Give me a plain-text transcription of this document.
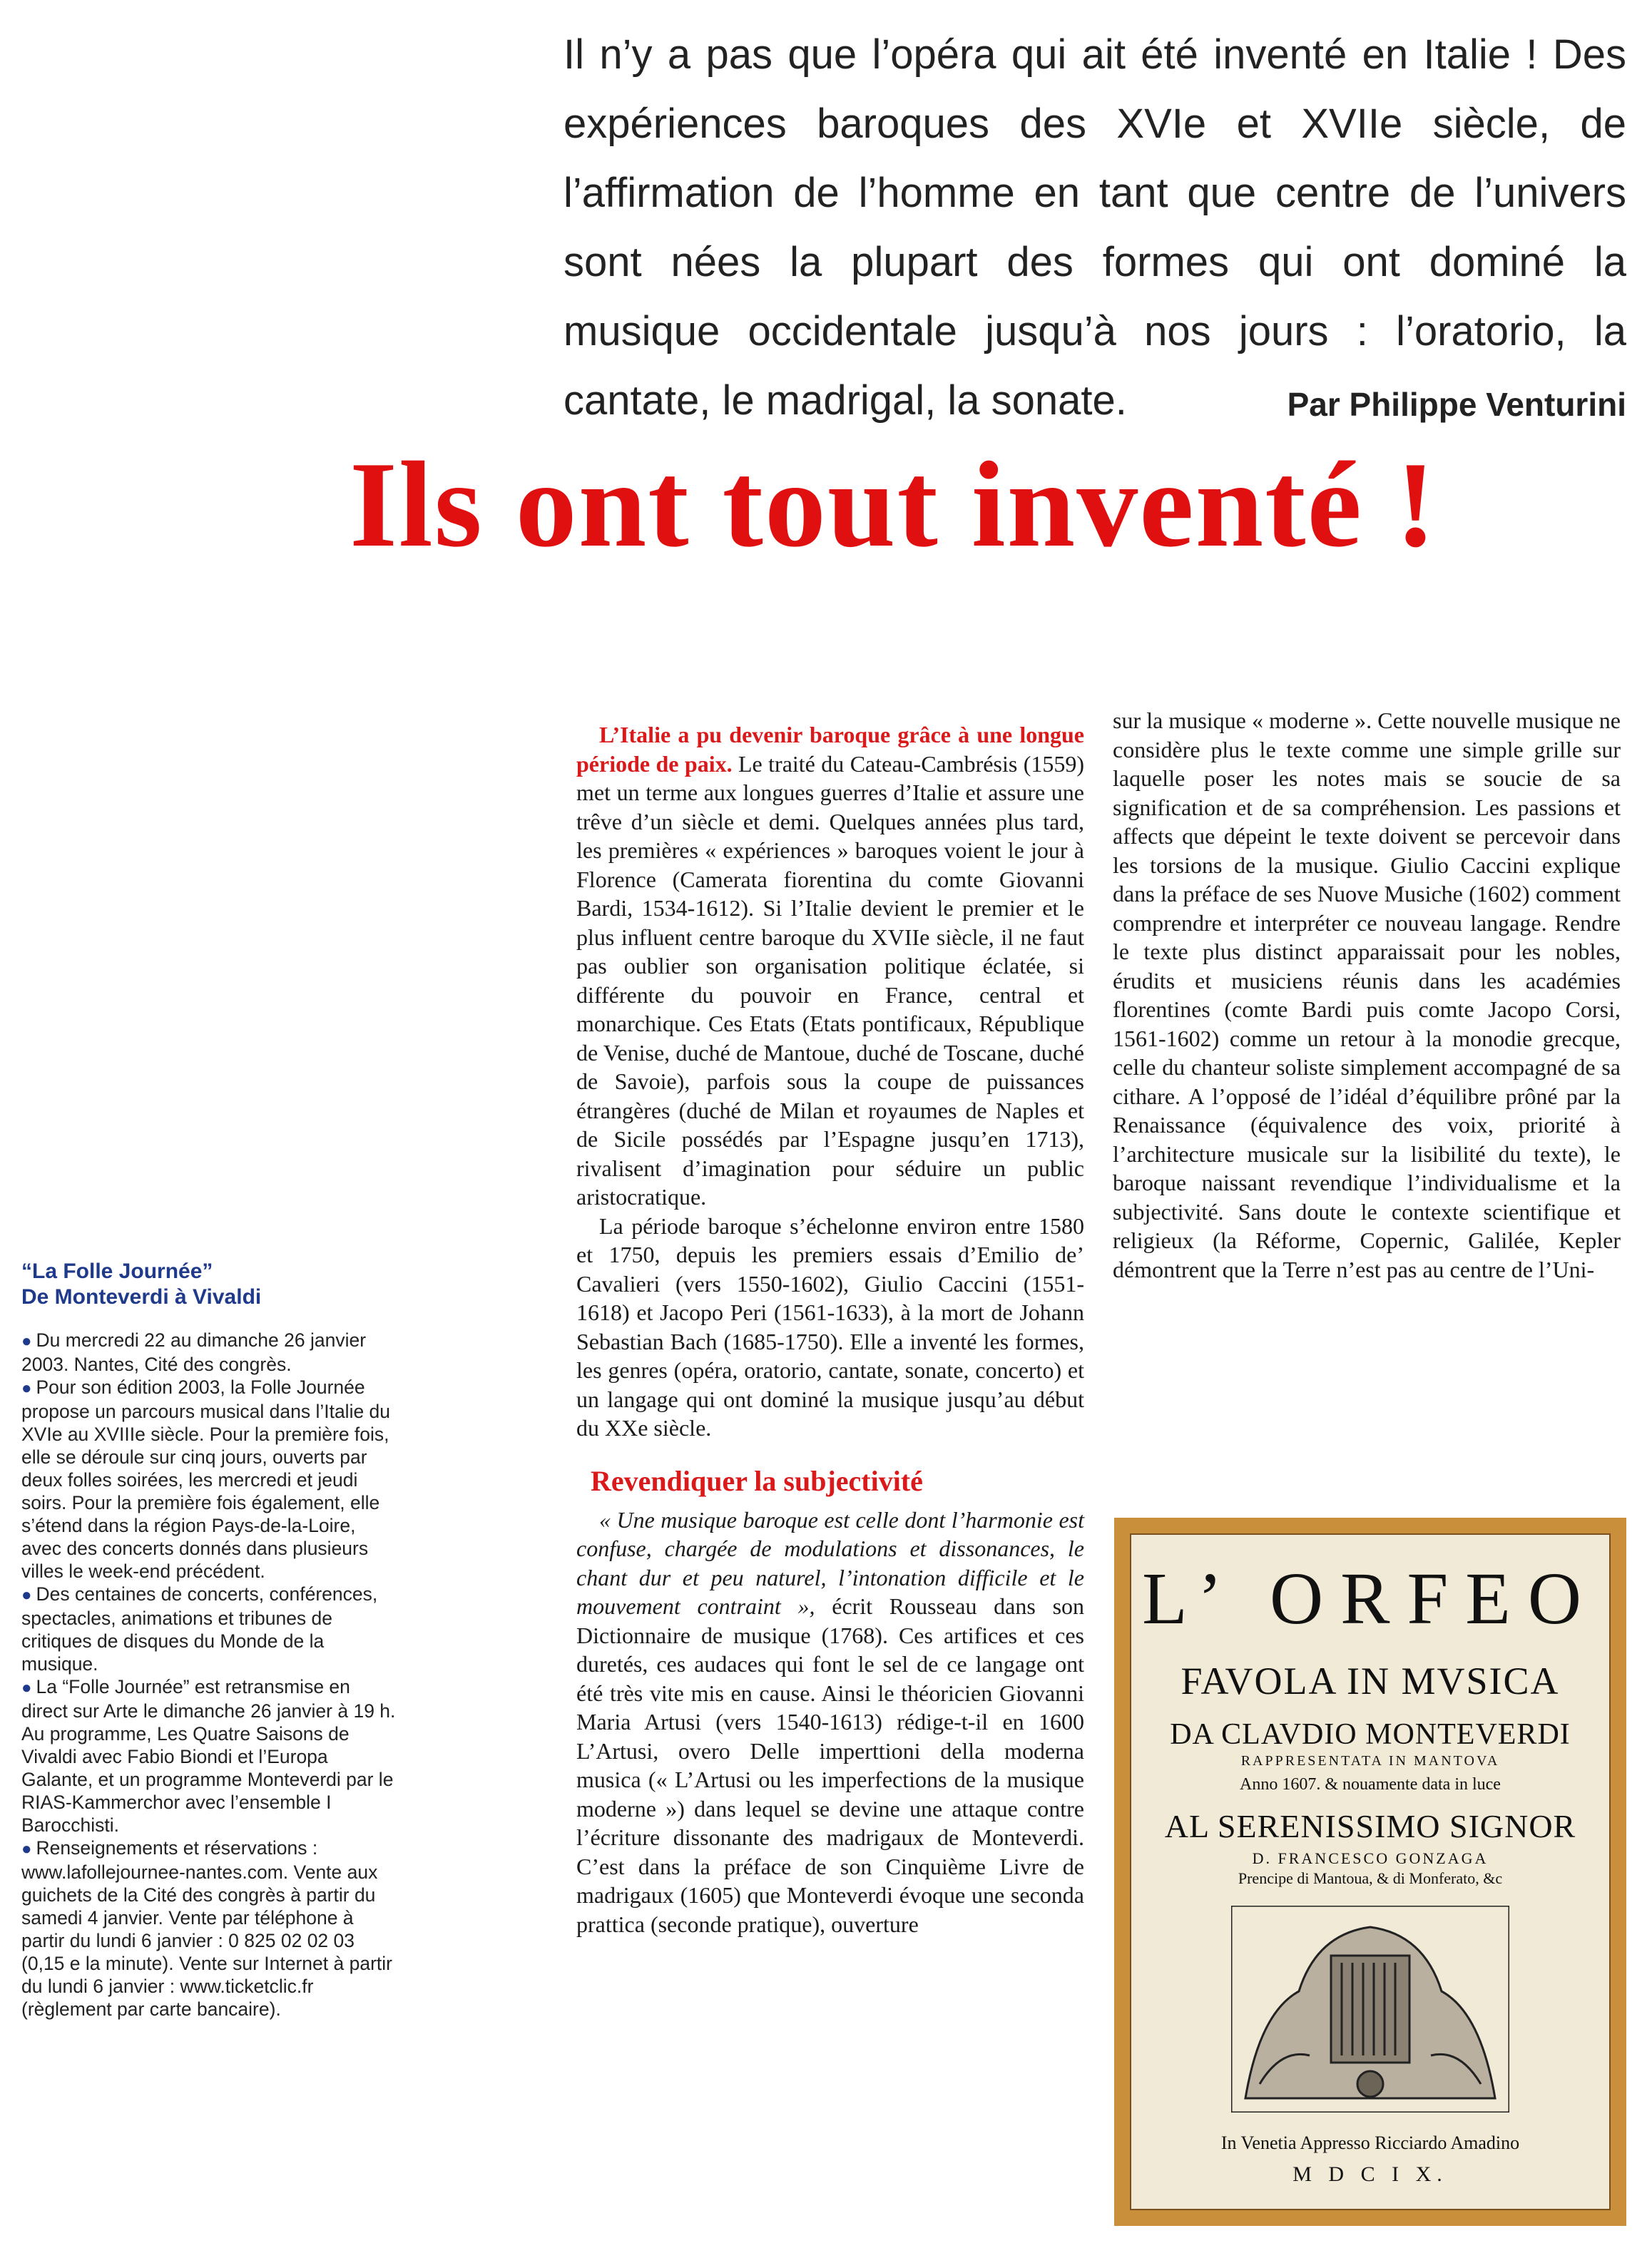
Il n’y a pas que l’opéra qui ait été inventé en Italie ! Des expériences baroques des XVIe et XVIIe siècle, de l’affirmation de l’homme en tant que centre de l’univers sont nées la plupart des formes qui ont dominé la musique occidentale jusqu’à nos jours : l’oratorio, la cantate, le madrigal, la sonate.	Par Philippe Venturini

Ils ont tout inventé !
“La Folle Journée”
De Monteverdi à Vivaldi

● Du mercredi 22 au dimanche 26 janvier 2003. Nantes, Cité des congrès.

● Pour son édition 2003, la Folle Journée propose un parcours musical dans l’Italie du XVIe au XVIIIe siècle. Pour la première fois, elle se déroule sur cinq jours, ouverts par deux folles soirées, les mercredi et jeudi soirs. Pour la première fois également, elle s’étend dans la région Pays-de-la-Loire, avec des concerts donnés dans plusieurs villes le week-end précédent.

● Des centaines de concerts, conférences, spectacles, animations et tribunes de critiques de disques du Monde de la musique.

● La “Folle Journée” est retransmise en direct sur Arte le dimanche 26 janvier à 19 h. Au programme, Les Quatre Saisons de Vivaldi avec Fabio Biondi et l’Europa Galante, et un programme Monteverdi par le RIAS-Kammerchor avec l’ensemble I Barocchisti.

● Renseignements et réservations : www.lafollejournee-nantes.com. Vente aux guichets de la Cité des congrès à partir du samedi 4 janvier. Vente par téléphone à partir du lundi 6 janvier : 0 825 02 02 03 (0,15 e la minute). Vente sur Internet à partir du lundi 6 janvier : www.ticketclic.fr (règlement par carte bancaire).

L’Italie a pu devenir baroque grâce à une longue période de paix. Le traité du Cateau-Cambrésis (1559) met un terme aux longues guerres d’Italie et assure une trêve d’un siècle et demi. Quelques années plus tard, les premières « expériences » baroques voient le jour à Florence (Camerata fiorentina du comte Giovanni Bardi, 1534-1612). Si l’Italie devient le premier et le plus influent centre baroque du XVIIe siècle, il ne faut pas oublier son organisation politique éclatée, si différente du pouvoir en France, central et monarchique. Ces Etats (Etats pontificaux, République de Venise, duché de Mantoue, duché de Toscane, duché de Savoie), parfois sous la coupe de puissances étrangères (duché de Milan et royaumes de Naples et de Sicile possédés par l’Espagne jusqu’en 1713), rivalisent d’imagination pour séduire un public aristocratique.

La période baroque s’échelonne environ entre 1580 et 1750, depuis les premiers essais d’Emilio de’ Cavalieri (vers 1550-1602), Giulio Caccini (1551-1618) et Jacopo Peri (1561-1633), à la mort de Johann Sebastian Bach (1685-1750). Elle a inventé les formes, les genres (opéra, oratorio, cantate, sonate, concerto) et un langage qui ont dominé la musique jusqu’au début du XXe siècle.

Revendiquer la subjectivité

« Une musique baroque est celle dont l’harmonie est confuse, chargée de modulations et dissonances, le chant dur et peu naturel, l’intonation difficile et le mouvement contraint », écrit Rousseau dans son Dictionnaire de musique (1768). Ces artifices et ces duretés, ces audaces qui font le sel de ce langage ont été très vite mis en cause. Ainsi le théoricien Giovanni Maria Artusi (vers 1540-1613) rédige-t-il en 1600 L’Artusi, overo Delle imperttioni della moderna musica (« L’Artusi ou les imperfections de la musique moderne ») dans lequel se devine une attaque contre l’écriture dissonante des madrigaux de Monteverdi. C’est dans la préface de son Cinquième Livre de madrigaux (1605) que Monteverdi évoque une seconda prattica (seconde pratique), ouverture

sur la musique « moderne ». Cette nouvelle musique ne considère plus le texte comme une simple grille sur laquelle poser les notes mais se soucie de sa signification et de sa compréhension. Les passions et affects que dépeint le texte doivent se percevoir dans les torsions de la musique. Giulio Caccini explique dans la préface de ses Nuove Musiche (1602) comment comprendre et interpréter ce nouveau langage. Rendre le texte plus distinct apparaissait pour les nobles, érudits et musiciens réunis dans les académies florentines (comte Bardi puis comte Jacopo Corsi, 1561-1602) comme un retour à la monodie grecque, celle du chanteur soliste simplement accompagné de sa cithare. A l’opposé de l’idéal d’équilibre prôné par la Renaissance (équivalence des voix, priorité à l’architecture musicale sur la lisibilité du texte), le baroque naissant revendique l’individualisme et la subjectivité. Sans doute le contexte scientifique et religieux (la Réforme, Copernic, Galilée, Kepler démontrent que la Terre n’est pas au centre de l’Uni-

L’ ORFEO
FAVOLA IN MVSICA
DA CLAVDIO MONTEVERDI
RAPPRESENTATA IN MANTOVA
Anno 1607. & nouamente data in luce
AL SERENISSIMO SIGNOR
D. FRANCESCO GONZAGA
Prencipe di Mantoua, & di Monferato, &c
In Venetia Appresso Ricciardo Amadino
M D C I X.
